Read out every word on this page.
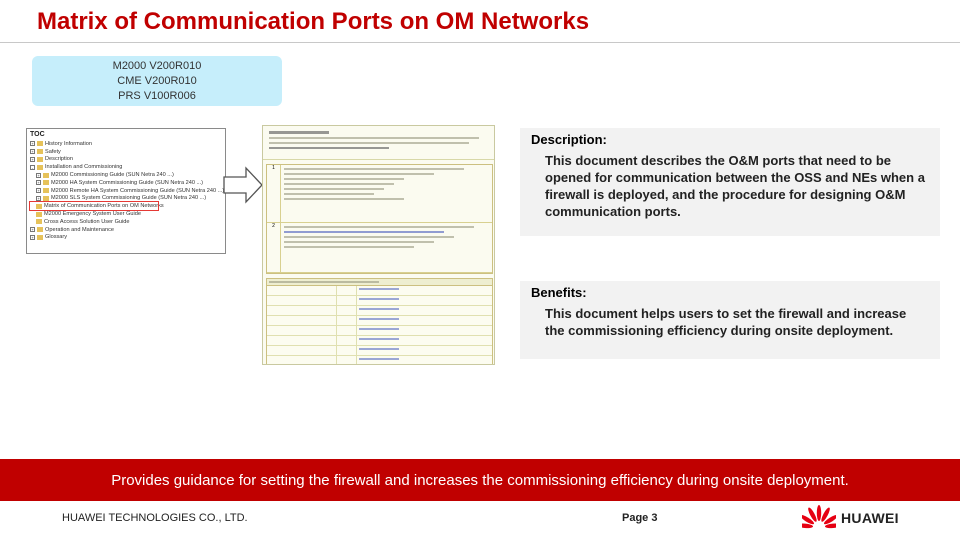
Matrix of Communication Ports on OM Networks
M2000 V200R010
CME V200R010
PRS V100R006
TOC
+ History Information
+ Safety
+ Description
-	Installation and Commissioning
+ M2000 Commissioning Guide (SUN Netra 240 ...)
+ M2000 HA System Commissioning Guide (SUN Netra 240 ...)
+ M2000 Remote HA System Commissioning Guide (SUN Netra 240 ...)
+ M2000 SLS System Commissioning Guide (SUN Netra 240 ...)
Matrix of Communication Ports on OM Networks
M2000 Emergency System User Guide
Cross Access Solution User Guide
+ Operation and Maintenance
+ Glossary
1
2
Description:
This document describes the O&M ports that need to be opened for communication between the OSS and NEs when a firewall is deployed, and the procedure for designing O&M communication ports.
Benefits:
This document helps users to set the firewall and increase the commissioning efficiency during onsite deployment.
Provides guidance for setting the firewall and increases the commissioning efficiency during onsite deployment.
HUAWEI TECHNOLOGIES CO., LTD.	Page 3	HUAWEI
